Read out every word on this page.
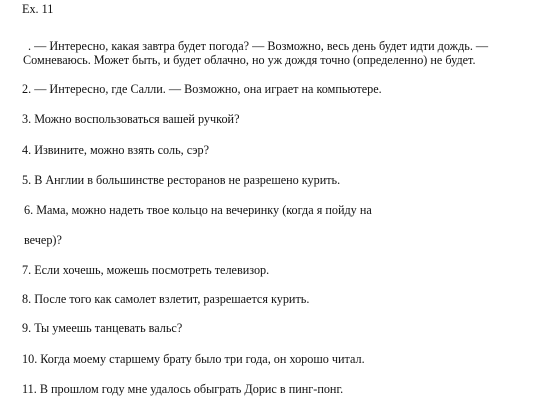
Ex. 11
. — Интересно, какая завтра будет погода? — Возможно, весь день будет идти дождь. —
Сомневаюсь. Может быть, и будет облачно, но уж дождя точно (определенно) не будет.
2. — Интересно, где Салли. — Возможно, она играет на компьютере.
3. Можно воспользоваться вашей ручкой?
4. Извините, можно взять соль, сэр?
5. В Англии в большинстве ресторанов не разрешено курить.
6. Мама, можно надеть твое кольцо на вечеринку (когда я пойду на
вечер)?
7. Если хочешь, можешь посмотреть телевизор.
8. После того как самолет взлетит, разрешается курить.
9. Ты умеешь танцевать вальс?
10. Когда моему старшему брату было три года, он хорошо читал.
11. В прошлом году мне удалось обыграть Дорис в пинг-понг.
